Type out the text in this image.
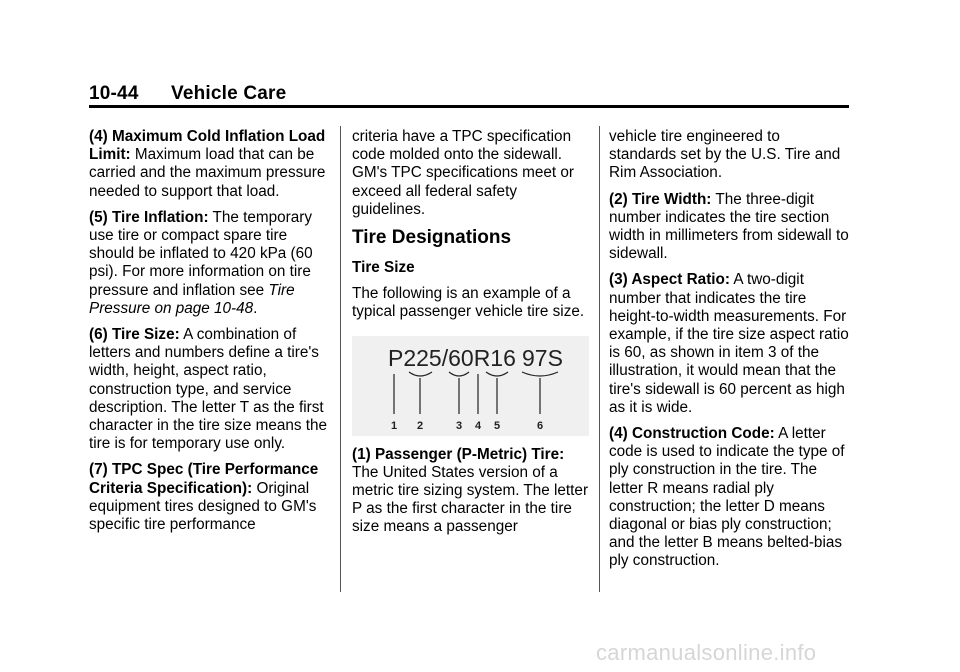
10-44 Vehicle Care

(4) Maximum Cold Inflation Load Limit: Maximum load that can be carried and the maximum pressure needed to support that load.

(5) Tire Inflation: The temporary use tire or compact spare tire should be inflated to 420 kPa (60 psi). For more information on tire pressure and inflation see Tire Pressure on page 10-48.

(6) Tire Size: A combination of letters and numbers define a tire's width, height, aspect ratio, construction type, and service description. The letter T as the first character in the tire size means the tire is for temporary use only.

(7) TPC Spec (Tire Performance Criteria Specification): Original equipment tires designed to GM's specific tire performance

criteria have a TPC specification code molded onto the sidewall. GM's TPC specifications meet or exceed all federal safety guidelines.

Tire Designations
Tire Size

The following is an example of a typical passenger vehicle tire size.

P225/60R16 97S
1 2	3 4 5	6

(1) Passenger (P-Metric) Tire: The United States version of a metric tire sizing system. The letter P as the first character in the tire size means a passenger

vehicle tire engineered to standards set by the U.S. Tire and Rim Association.

(2) Tire Width: The three-digit number indicates the tire section width in millimeters from sidewall to sidewall.

(3) Aspect Ratio: A two-digit number that indicates the tire height-to-width measurements. For example, if the tire size aspect ratio is 60, as shown in item 3 of the illustration, it would mean that the tire's sidewall is 60 percent as high as it is wide.

(4) Construction Code: A letter code is used to indicate the type of ply construction in the tire. The letter R means radial ply construction; the letter D means diagonal or bias ply construction; and the letter B means belted-bias ply construction.

carmanualsonline.info
